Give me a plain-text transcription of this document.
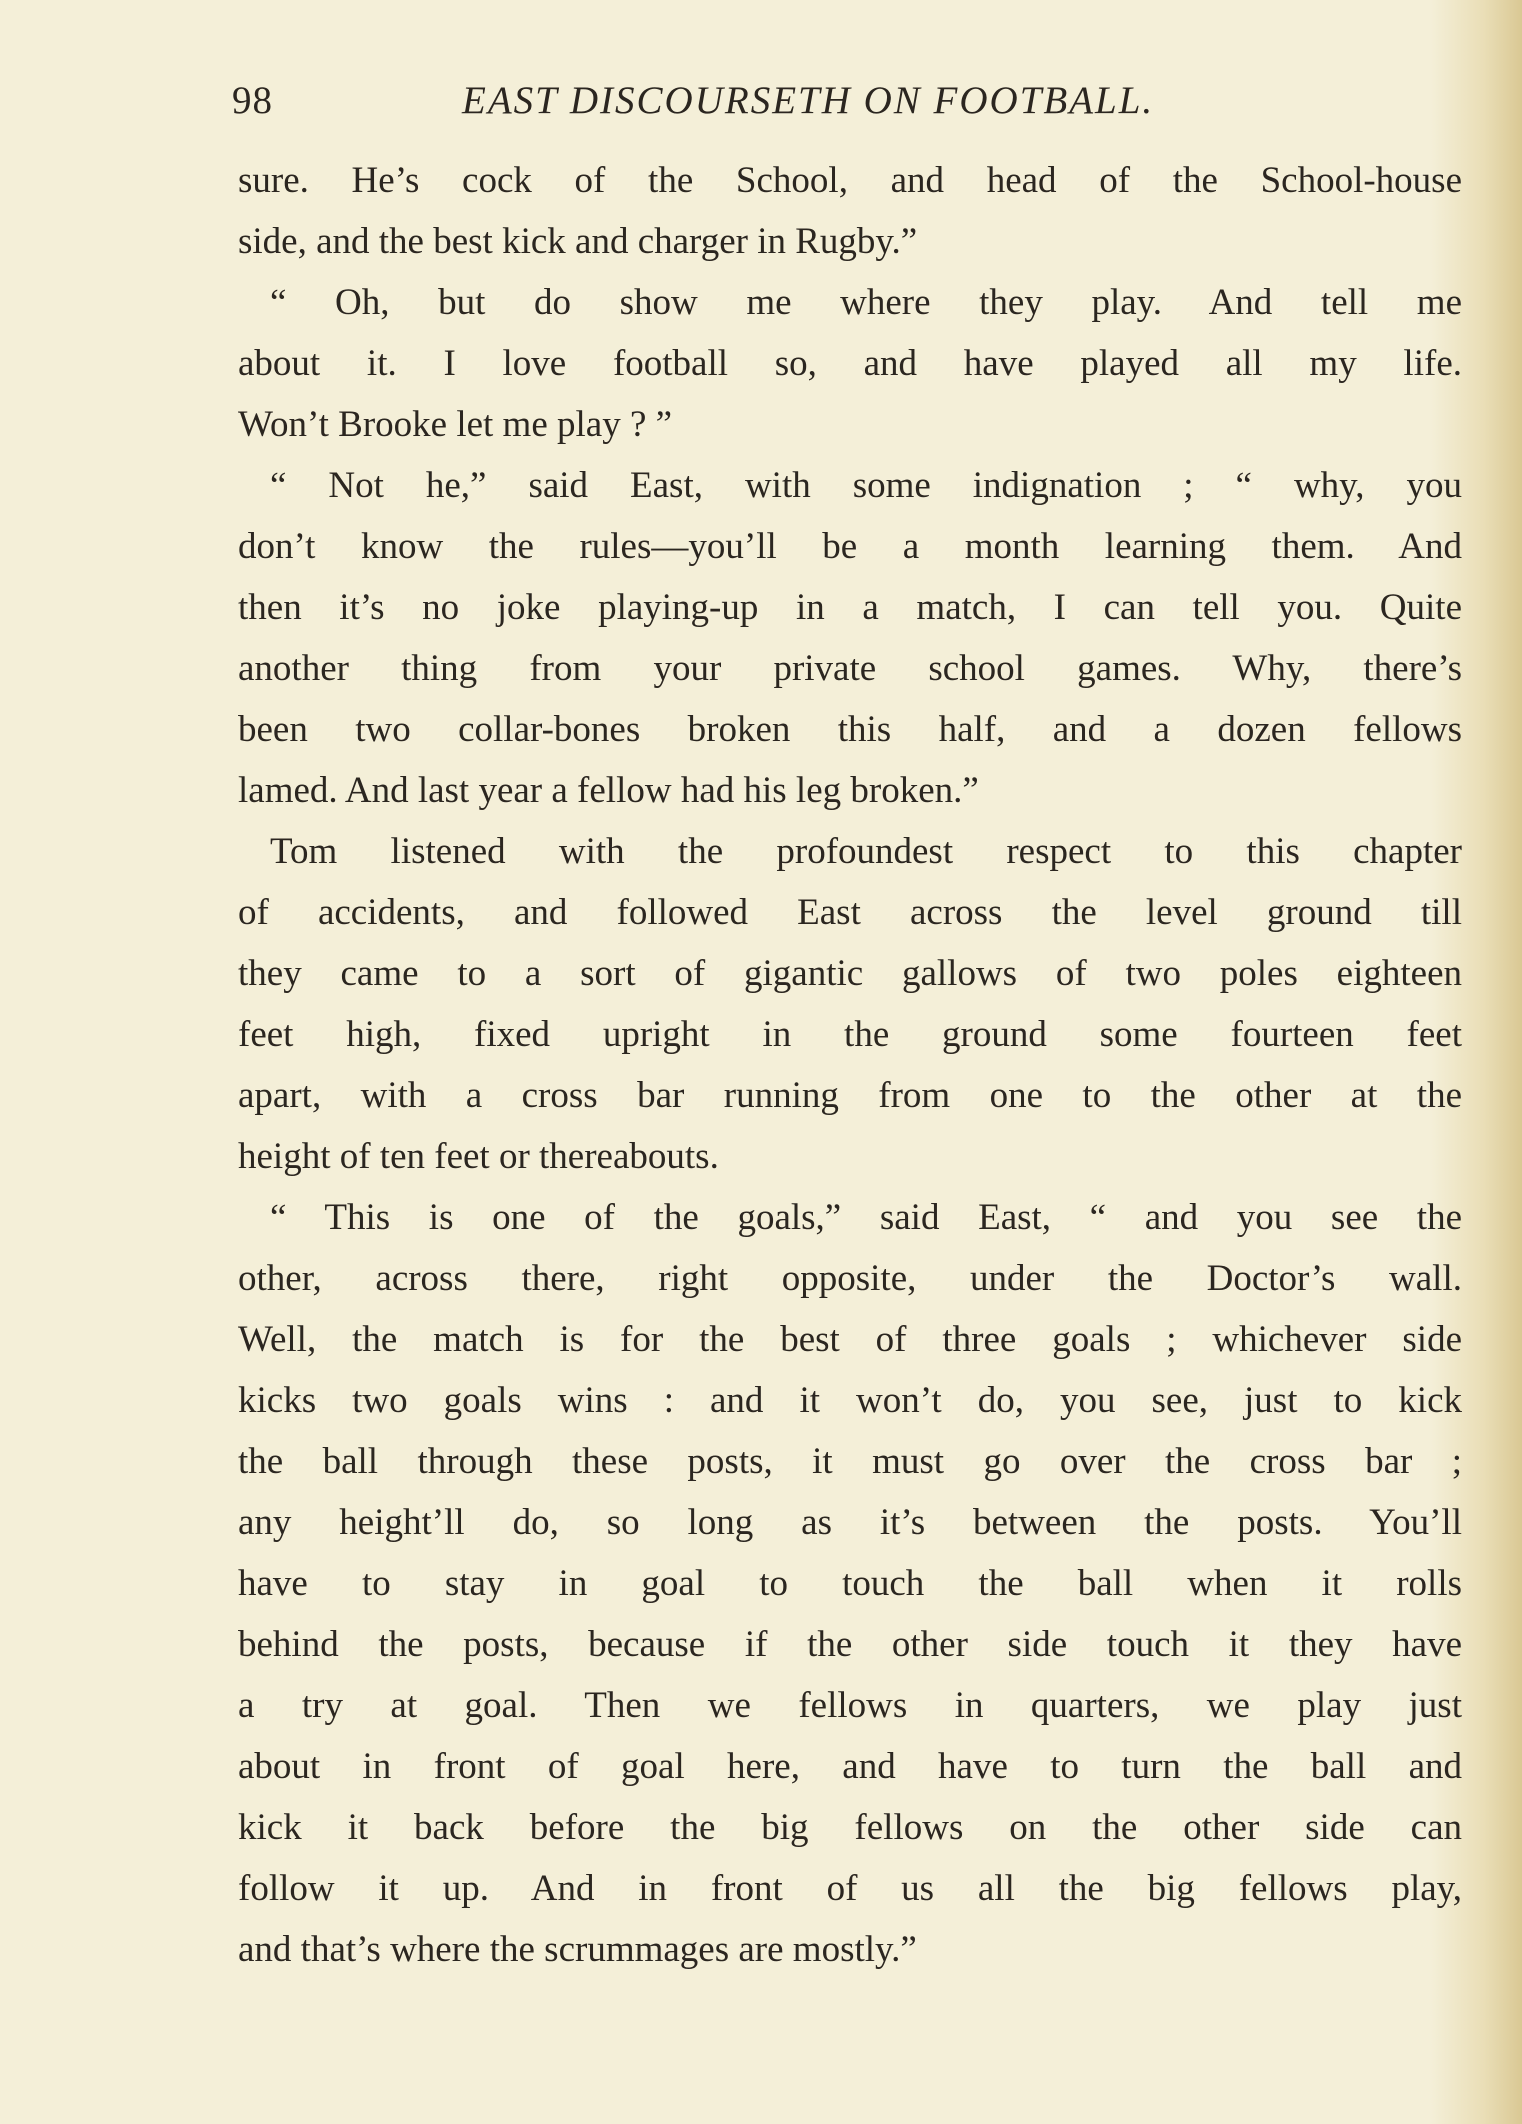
98	EAST DISCOURSETH ON FOOTBALL.
sure. He’s cock of the School, and head of the School-house
side, and the best kick and charger in Rugby.”
“ Oh, but do show me where they play. And tell me
about it. I love football so, and have played all my life.
Won’t Brooke let me play ? ”
“ Not he,” said East, with some indignation ; “ why, you
don’t know the rules—you’ll be a month learning them. And
then it’s no joke playing-up in a match, I can tell you. Quite
another thing from your private school games. Why, there’s
been two collar-bones broken this half, and a dozen fellows
lamed. And last year a fellow had his leg broken.”
Tom listened with the profoundest respect to this chapter
of accidents, and followed East across the level ground till
they came to a sort of gigantic gallows of two poles eighteen
feet high, fixed upright in the ground some fourteen feet
apart, with a cross bar running from one to the other at the
height of ten feet or thereabouts.
“ This is one of the goals,” said East, “ and you see the
other, across there, right opposite, under the Doctor’s wall.
Well, the match is for the best of three goals ; whichever side
kicks two goals wins : and it won’t do, you see, just to kick
the ball through these posts, it must go over the cross bar ;
any height’ll do, so long as it’s between the posts. You’ll
have to stay in goal to touch the ball when it rolls
behind the posts, because if the other side touch it they have
a try at goal. Then we fellows in quarters, we play just
about in front of goal here, and have to turn the ball and
kick it back before the big fellows on the other side can
follow it up. And in front of us all the big fellows play,
and that’s where the scrummages are mostly.”
